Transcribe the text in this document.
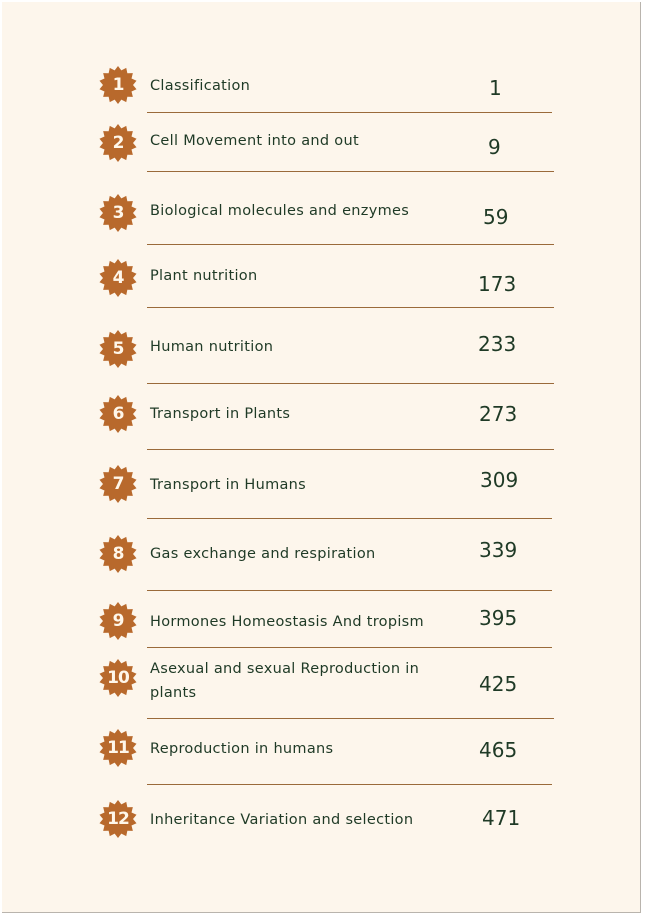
1	Classification	1
2	Cell Movement into and out	9
3	Biological molecules and enzymes	59
4	Plant nutrition	173
5	Human nutrition	233
6	Transport in Plants	273
7	Transport in Humans	309
8	Gas exchange and respiration	339
9	Hormones Homeostasis And tropism	395
10	Asexual and sexual Reproduction in plants	425
11	Reproduction in humans	465
12	Inheritance Variation and selection	471
